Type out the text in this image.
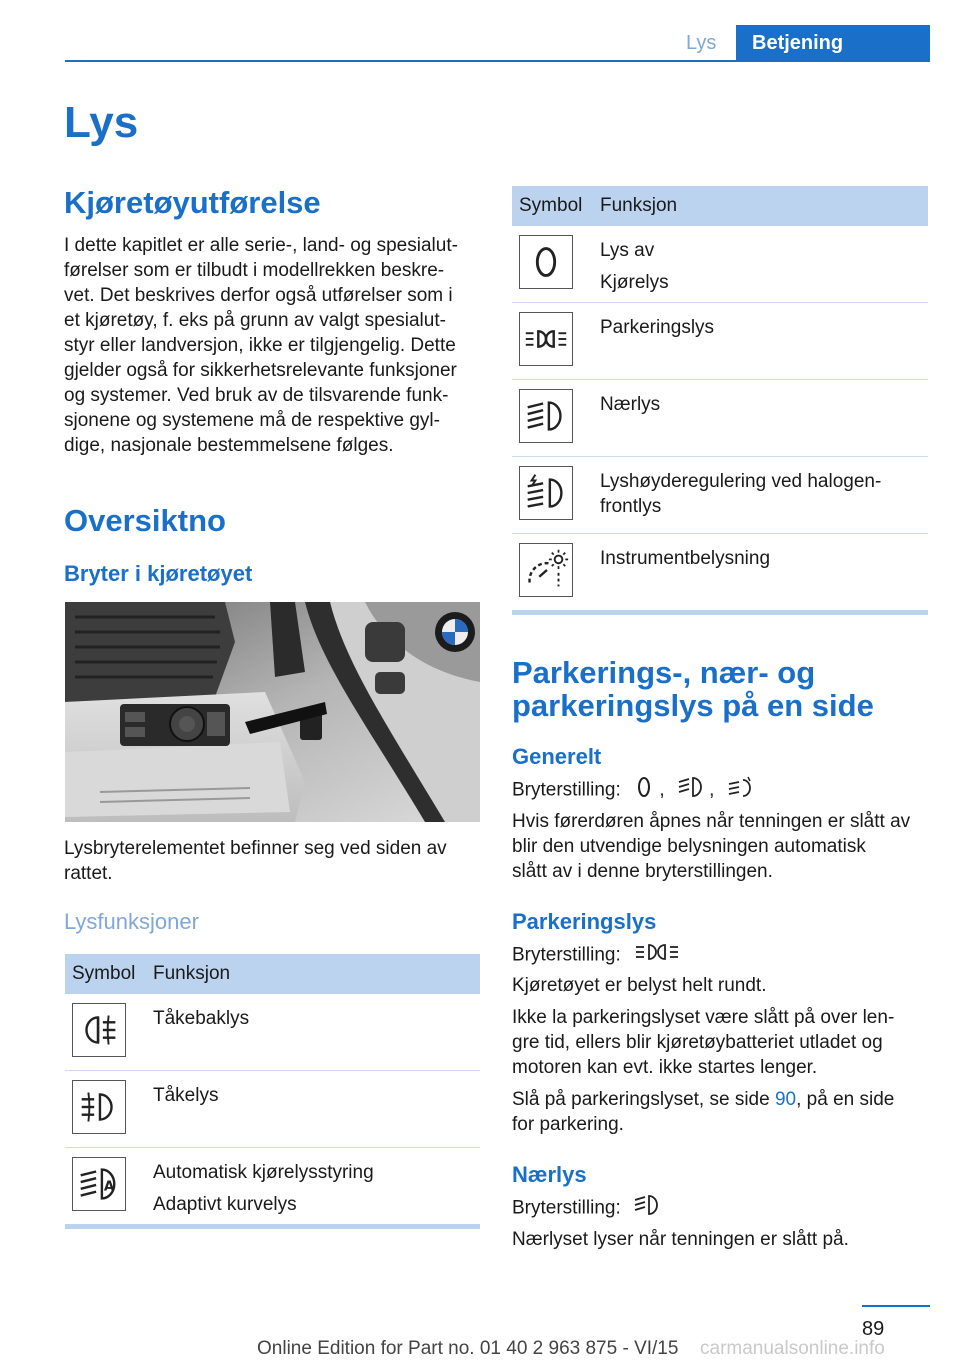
Lys	Betjening
Lys
Kjøretøyutførelse
I dette kapitlet er alle serie-, land- og spesialut-
førelser som er tilbudt i modellrekken beskre-
vet. Det beskrives derfor også utførelser som i
et kjøretøy, f. eks på grunn av valgt spesialut-
styr eller landversjon, ikke er tilgjengelig. Dette
gjelder også for sikkerhetsrelevante funksjoner
og systemer. Ved bruk av de tilsvarende funk-
sjonene og systemene må de respektive gyl-
dige, nasjonale bestemmelsene følges.
Oversiktno
Bryter i kjøretøyet
Lysbryterelementet befinner seg ved siden av
rattet.
Lysfunksjoner
Symbol Funksjon
Tåkebaklys
Tåkelys
A
Automatisk kjørelysstyring
Adaptivt kurvelys
Symbol Funksjon
Lys av
Kjørelys
Parkeringslys
Nærlys
Lyshøyderegulering ved halogen-
frontlys
Instrumentbelysning
Parkerings-, nær- og
parkeringslys på en side
Generelt
Bryterstilling: , ,
Hvis førerdøren åpnes når tenningen er slått av
blir den utvendige belysningen automatisk
slått av i denne bryterstillingen.
Parkeringslys
Bryterstilling:
Kjøretøyet er belyst helt rundt.
Ikke la parkeringslyset være slått på over len-
gre tid, ellers blir kjøretøybatteriet utladet og
motoren kan evt. ikke startes lenger.
Slå på parkeringslyset, se side 90, på en side
for parkering.
Nærlys
Bryterstilling:
Nærlyset lyser når tenningen er slått på.
89
Online Edition for Part no. 01 40 2 963 875 - VI/15 carmanualsonline.info
